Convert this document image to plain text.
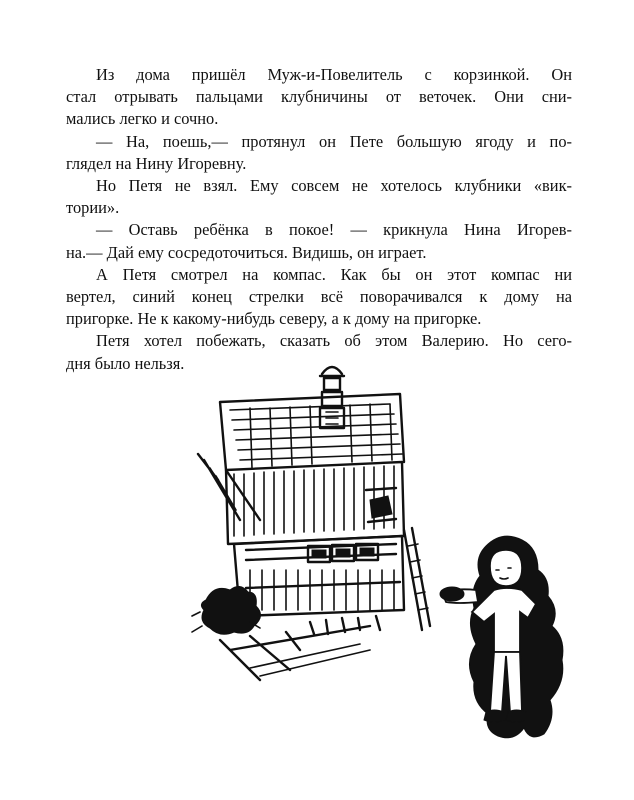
Из дома пришёл Муж-и-Повелитель с корзинкой. Он
стал отрывать пальцами клубничины от веточек. Они сни-
мались легко и сочно.
— На, поешь,— протянул он Пете большую ягоду и по-
глядел на Нину Игоревну.
Но Петя не взял. Ему совсем не хотелось клубники «вик-
тории».
— Оставь ребёнка в покое! — крикнула Нина Игорев-
на.— Дай ему сосредоточиться. Видишь, он играет.
А Петя смотрел на компас. Как бы он этот компас ни
вертел, синий конец стрелки всё поворачивался к дому на
пригорке. Не к какому-нибудь северу, а к дому на пригорке.
Петя хотел побежать, сказать об этом Валерию. Но сего-
дня было нельзя.
